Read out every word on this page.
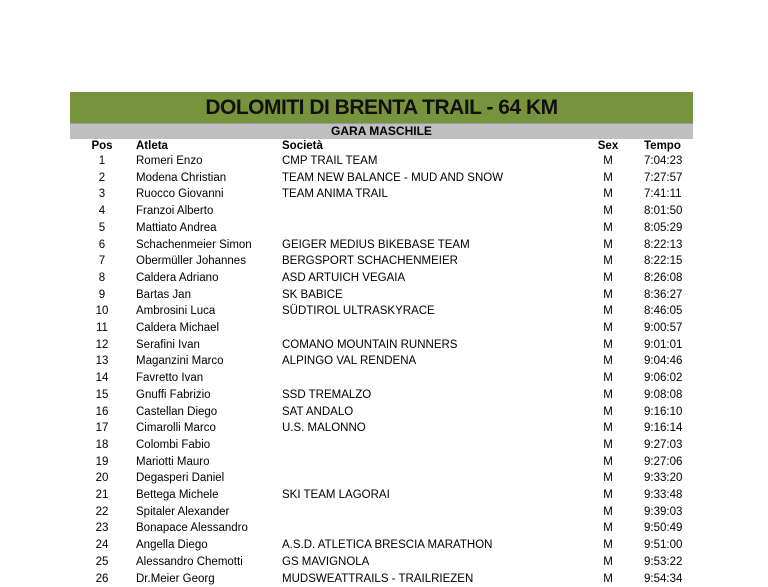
DOLOMITI DI BRENTA TRAIL - 64 KM
GARA MASCHILE
Pos	Atleta	Società	Sex	Tempo
1	Romeri Enzo	CMP TRAIL TEAM	M	7:04:23
2	Modena Christian	TEAM NEW BALANCE - MUD AND SNOW	M	7:27:57
3	Ruocco Giovanni	TEAM ANIMA TRAIL	M	7:41:11
4	Franzoi Alberto		M	8:01:50
5	Mattiato Andrea		M	8:05:29
6	Schachenmeier Simon	GEIGER MEDIUS BIKEBASE TEAM	M	8:22:13
7	Obermüller Johannes	BERGSPORT SCHACHENMEIER	M	8:22:15
8	Caldera Adriano	ASD ARTUICH VEGAIA	M	8:26:08
9	Bartas Jan	SK BABICE	M	8:36:27
10	Ambrosini Luca	SÜDTIROL ULTRASKYRACE	M	8:46:05
11	Caldera Michael		M	9:00:57
12	Serafini Ivan	COMANO MOUNTAIN RUNNERS	M	9:01:01
13	Maganzini Marco	ALPINGO VAL RENDENA	M	9:04:46
14	Favretto Ivan		M	9:06:02
15	Gnuffi Fabrizio	SSD TREMALZO	M	9:08:08
16	Castellan Diego	SAT ANDALO	M	9:16:10
17	Cimarolli Marco	U.S. MALONNO	M	9:16:14
18	Colombi Fabio		M	9:27:03
19	Mariotti Mauro		M	9:27:06
20	Degasperi Daniel		M	9:33:20
21	Bettega Michele	SKI TEAM LAGORAI	M	9:33:48
22	Spitaler Alexander		M	9:39:03
23	Bonapace Alessandro		M	9:50:49
24	Angella Diego	A.S.D. ATLETICA BRESCIA MARATHON	M	9:51:00
25	Alessandro Chemotti	GS MAVIGNOLA	M	9:53:22
26	Dr.Meier Georg	MUDSWEATTRAILS - TRAILRIEZEN	M	9:54:34
